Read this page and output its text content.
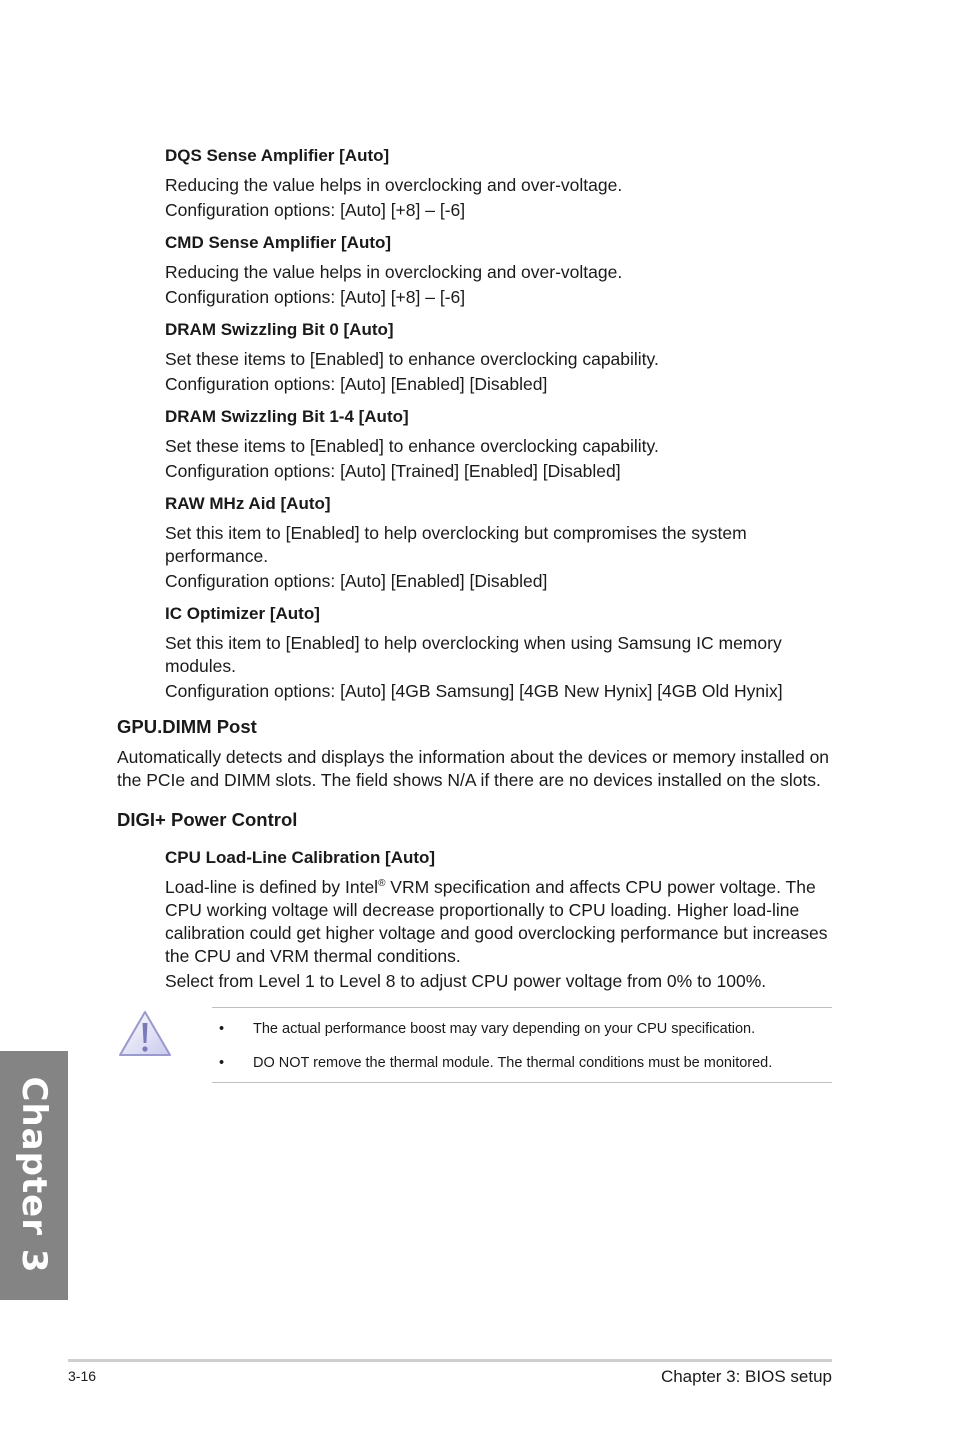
DQS Sense Amplifier [Auto]
Reducing the value helps in overclocking and over-voltage.
Configuration options: [Auto] [+8] – [-6]
CMD Sense Amplifier [Auto]
Reducing the value helps in overclocking and over-voltage.
Configuration options: [Auto] [+8] – [-6]
DRAM Swizzling Bit 0 [Auto]
Set these items to [Enabled] to enhance overclocking capability.
Configuration options: [Auto] [Enabled] [Disabled]
DRAM Swizzling Bit 1-4 [Auto]
Set these items to [Enabled] to enhance overclocking capability.
Configuration options: [Auto] [Trained] [Enabled] [Disabled]
RAW MHz Aid [Auto]
Set this item to [Enabled] to help overclocking but compromises the system performance.
Configuration options: [Auto] [Enabled] [Disabled]
IC Optimizer [Auto]
Set this item to [Enabled] to help overclocking when using Samsung IC memory modules.
Configuration options: [Auto] [4GB Samsung] [4GB New Hynix] [4GB Old Hynix]
GPU.DIMM Post
Automatically detects and displays the information about the devices or memory installed on the PCIe and DIMM slots. The field shows N/A if there are no devices installed on the slots.
DIGI+ Power Control
CPU Load-Line Calibration [Auto]
Load-line is defined by Intel® VRM specification and affects CPU power voltage. The CPU working voltage will decrease proportionally to CPU loading. Higher load-line calibration could get higher voltage and good overclocking performance but increases the CPU and VRM thermal conditions.
Select from Level 1 to Level 8 to adjust CPU power voltage from 0% to 100%.
• The actual performance boost may vary depending on your CPU specification.
• DO NOT remove the thermal module. The thermal conditions must be monitored.
Chapter 3
3-16	Chapter 3: BIOS setup
